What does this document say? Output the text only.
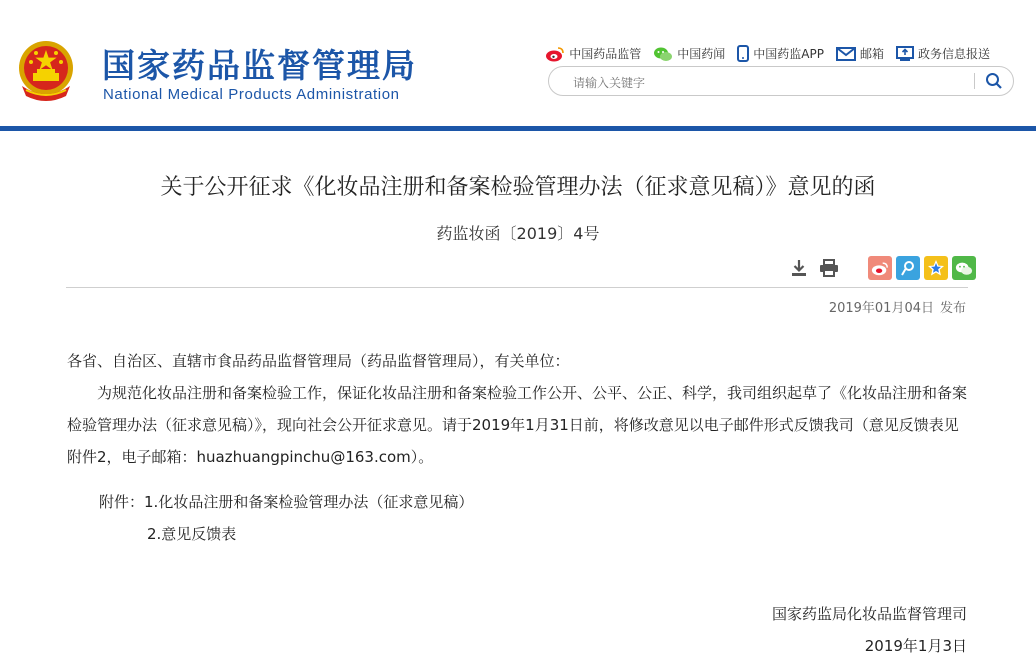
国家药品监督管理局
National Medical Products Administration
中国药品监管	中国药闻 中国药监APP	邮箱	政务信息报送
请输入关键字
关于公开征求《化妆品注册和备案检验管理办法（征求意见稿）》意见的函
药监妆函〔2019〕4号
2019年01月04日 发布

各省、自治区、直辖市食品药品监督管理局（药品监督管理局），有关单位：

为规范化妆品注册和备案检验工作，保证化妆品注册和备案检验工作公开、公平、公正、科学，我司组织起草了《化妆品注册和备案检验管理办法（征求意见稿）》，现向社会公开征求意见。请于2019年1月31日前，将修改意见以电子邮件形式反馈我司（意见反馈表见附件2，电子邮箱：huazhuangpinchu@163.com）。

附件：1.化妆品注册和备案检验管理办法（征求意见稿）
2.意见反馈表
国家药监局化妆品监督管理司
2019年1月3日
